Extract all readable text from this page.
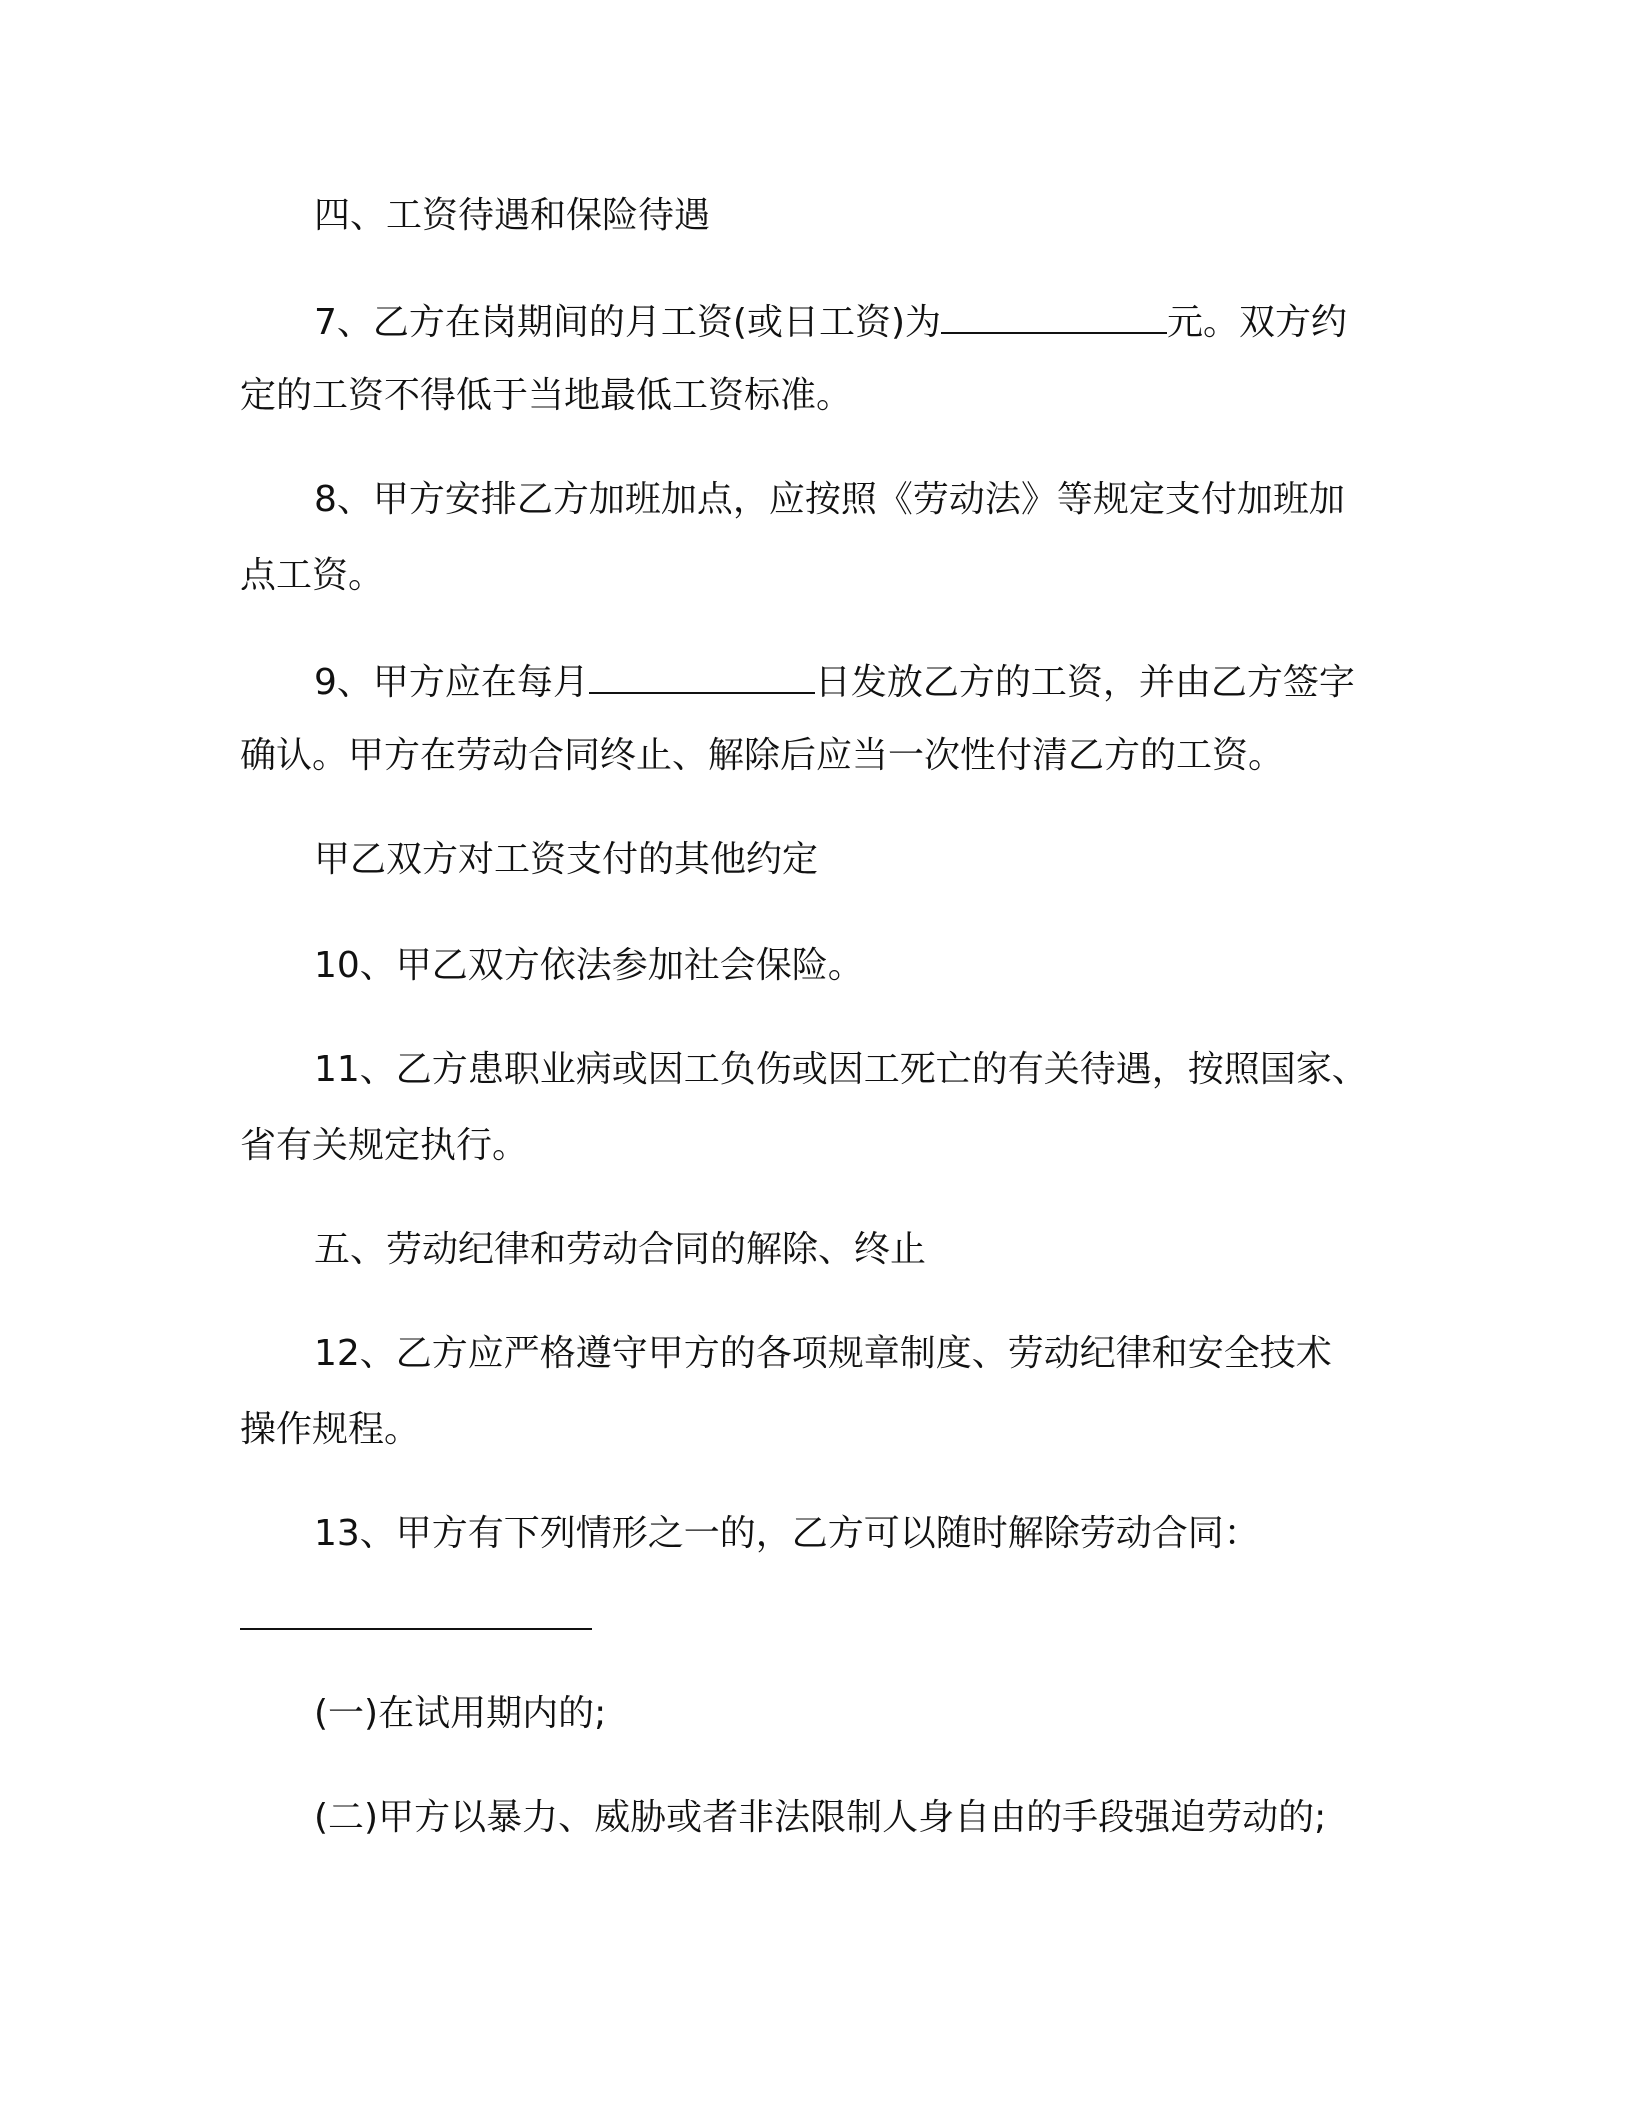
四、工资待遇和保险待遇
7、乙方在岗期间的月工资(或日工资)为	元。双方约
定的工资不得低于当地最低工资标准。
8、甲方安排乙方加班加点，应按照《劳动法》等规定支付加班加
点工资。
9、甲方应在每月	日发放乙方的工资，并由乙方签字
确认。甲方在劳动合同终止、解除后应当一次性付清乙方的工资。
甲乙双方对工资支付的其他约定
10、甲乙双方依法参加社会保险。
11、乙方患职业病或因工负伤或因工死亡的有关待遇，按照国家、
省有关规定执行。
五、劳动纪律和劳动合同的解除、终止
12、乙方应严格遵守甲方的各项规章制度、劳动纪律和安全技术
操作规程。
13、甲方有下列情形之一的，乙方可以随时解除劳动合同：
(一)在试用期内的;
(二)甲方以暴力、威胁或者非法限制人身自由的手段强迫劳动的;
